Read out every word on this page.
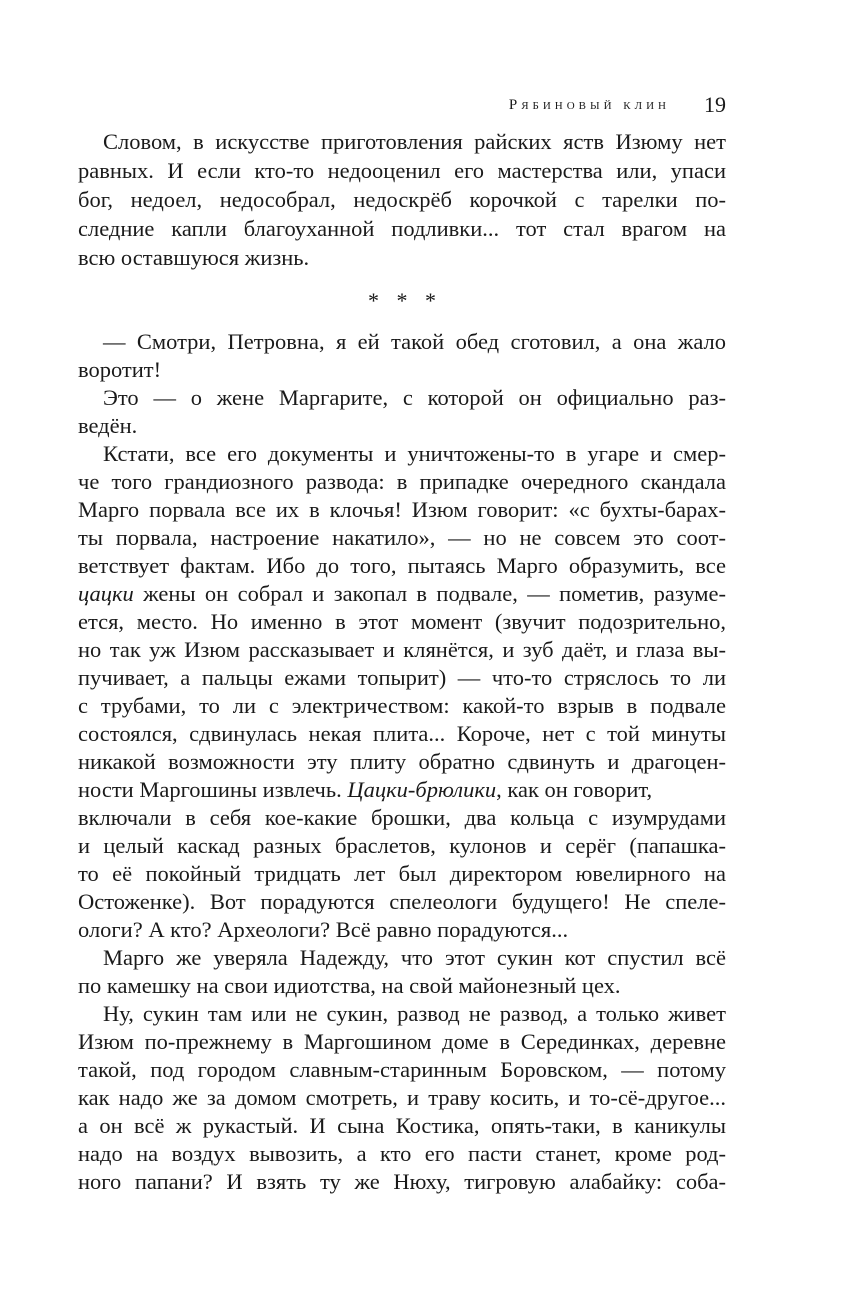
Рябиновый клин 19
Словом, в искусстве приготовления райских яств Изюму нет
равных. И если кто-то недооценил его мастерства или, упаси
бог, недоел, недособрал, недоскрёб корочкой с тарелки по-
следние капли благоуханной подливки... тот стал врагом на
всю оставшуюся жизнь.
* * *
— Смотри, Петровна, я ей такой обед сготовил, а она жало
воротит!
Это — о жене Маргарите, с которой он официально раз-
ведён.
Кстати, все его документы и уничтожены-то в угаре и смер-
че того грандиозного развода: в припадке очередного скандала
Марго порвала все их в клочья! Изюм говорит: «с бухты-барах-
ты порвала, настроение накатило», — но не совсем это соот-
ветствует фактам. Ибо до того, пытаясь Марго образумить, все
цацки жены он собрал и закопал в подвале, — пометив, разуме-
ется, место. Но именно в этот момент (звучит подозрительно,
но так уж Изюм рассказывает и клянётся, и зуб даёт, и глаза вы-
пучивает, а пальцы ежами топырит) — что-то стряслось то ли
с трубами, то ли с электричеством: какой-то взрыв в подвале
состоялся, сдвинулась некая плита... Короче, нет с той минуты
никакой возможности эту плиту обратно сдвинуть и драгоцен-
ности Маргошины извлечь. Цацки-брюлики, как он говорит,
включали в себя кое-какие брошки, два кольца с изумрудами
и целый каскад разных браслетов, кулонов и серёг (папашка-
то её покойный тридцать лет был директором ювелирного на
Остоженке). Вот порадуются спелеологи будущего! Не спеле-
ологи? А кто? Археологи? Всё равно порадуются...
Марго же уверяла Надежду, что этот сукин кот спустил всё
по камешку на свои идиотства, на свой майонезный цех.
Ну, сукин там или не сукин, развод не развод, а только живет
Изюм по-прежнему в Маргошином доме в Серединках, деревне
такой, под городом славным-старинным Боровском, — потому
как надо же за домом смотреть, и траву косить, и то-сё-другое...
а он всё ж рукастый. И сына Костика, опять-таки, в каникулы
надо на воздух вывозить, а кто его пасти станет, кроме род-
ного папани? И взять ту же Нюху, тигровую алабайку: соба-
